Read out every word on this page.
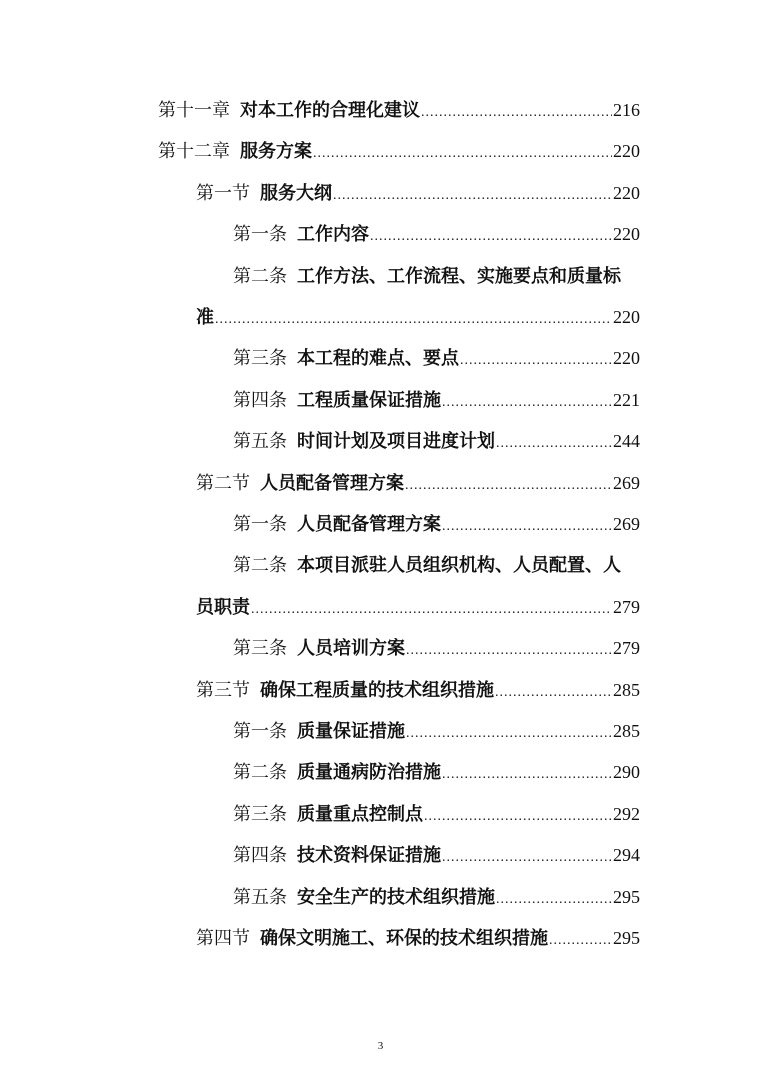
第十一章 对本工作的合理化建议 .....	216
第十二章 服务方案 .....	220
第一节 服务大纲 .....	220
第一条 工作内容 .....	220
第二条 工作方法、工作流程、实施要点和质量标
准 .....	220
第三条 本工程的难点、要点 .....	220
第四条 工程质量保证措施 .....	221
第五条 时间计划及项目进度计划 .....	244
第二节 人员配备管理方案 .....	269
第一条 人员配备管理方案 .....	269
第二条 本项目派驻人员组织机构、人员配置、人
员职责 .....	279
第三条 人员培训方案 .....	279
第三节 确保工程质量的技术组织措施 .....	285
第一条 质量保证措施 .....	285
第二条 质量通病防治措施 .....	290
第三条 质量重点控制点 .....	292
第四条 技术资料保证措施 .....	294
第五条 安全生产的技术组织措施 .....	295
第四节 确保文明施工、环保的技术组织措施 .....	295
3
